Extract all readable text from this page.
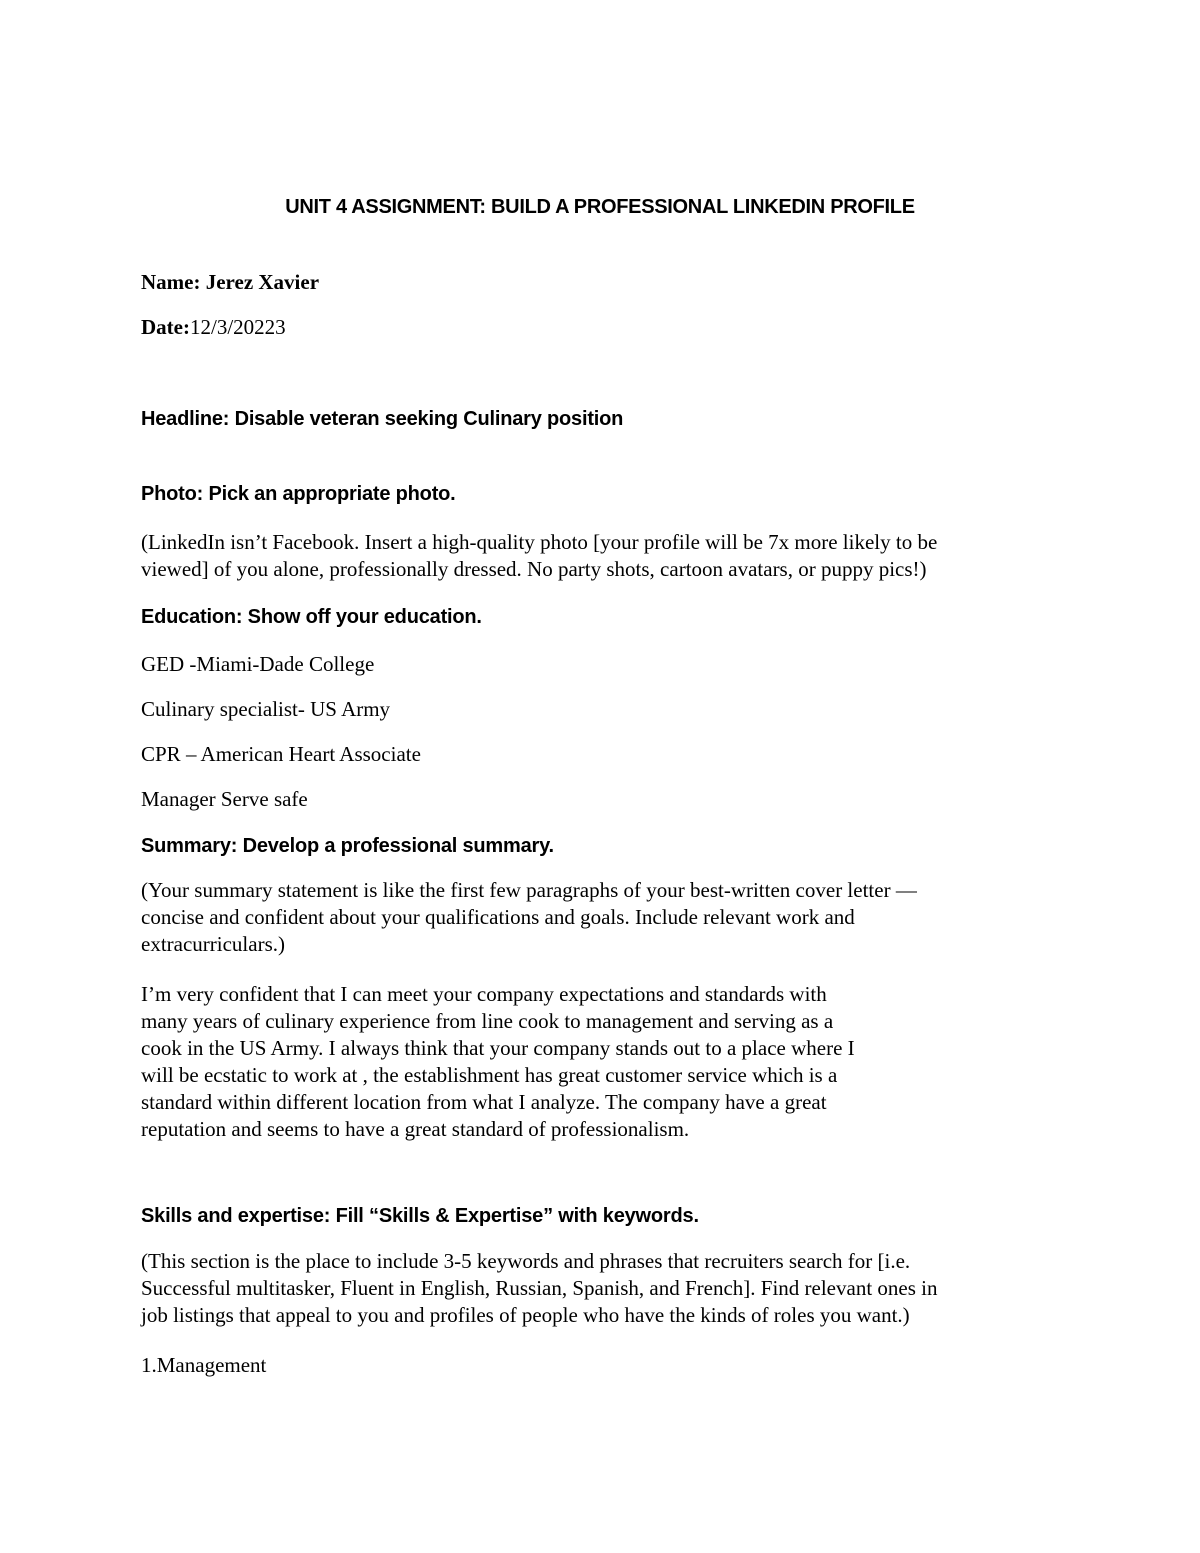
UNIT 4 ASSIGNMENT: BUILD A PROFESSIONAL LINKEDIN PROFILE

Name: Jerez Xavier

Date:12/3/20223

Headline: Disable veteran seeking Culinary position

Photo: Pick an appropriate photo.

(LinkedIn isn’t Facebook. Insert a high-quality photo [your profile will be 7x more likely to be
viewed] of you alone, professionally dressed. No party shots, cartoon avatars, or puppy pics!)

Education: Show off your education.

GED -Miami-Dade College

Culinary specialist- US Army

CPR – American Heart Associate

Manager Serve safe

Summary: Develop a professional summary.

(Your summary statement is like the first few paragraphs of your best-written cover letter —
concise and confident about your qualifications and goals. Include relevant work and
extracurriculars.)

I’m very confident that I can meet your company expectations and standards with
many years of culinary experience from line cook to management and serving as a
cook in the US Army. I always think that your company stands out to a place where I
will be ecstatic to work at , the establishment has great customer service which is a
standard within different location from what I analyze. The company have a great
reputation and seems to have a great standard of professionalism.

Skills and expertise: Fill “Skills & Expertise” with keywords.

(This section is the place to include 3-5 keywords and phrases that recruiters search for [i.e.
Successful multitasker, Fluent in English, Russian, Spanish, and French]. Find relevant ones in
job listings that appeal to you and profiles of people who have the kinds of roles you want.)

1.Management
